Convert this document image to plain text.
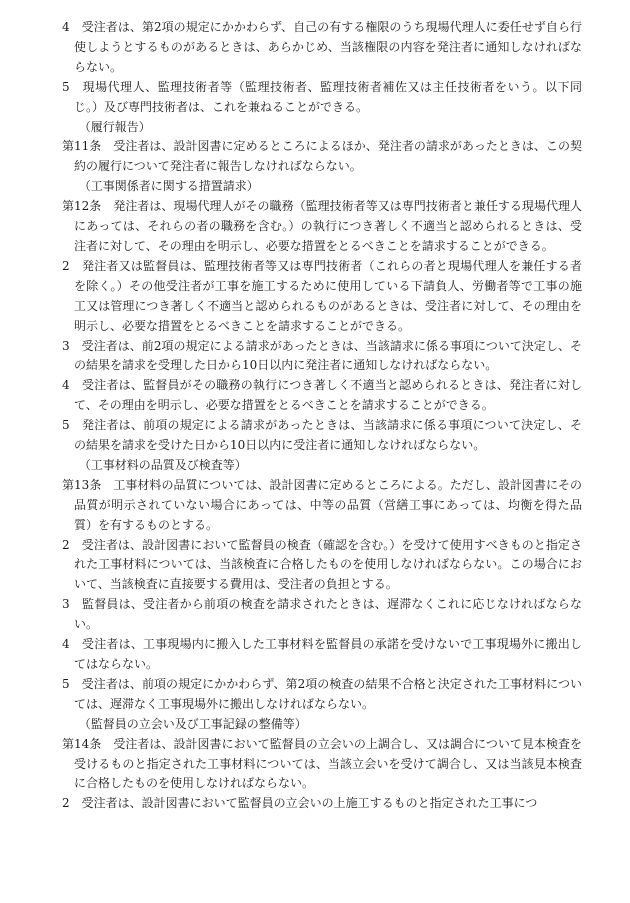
4　受注者は、第2項の規定にかかわらず、自己の有する権限のうち現場代理人に委任せず自ら行使しようとするものがあるときは、あらかじめ、当該権限の内容を発注者に通知しなければならない。

5　現場代理人、監理技術者等（監理技術者、監理技術者補佐又は主任技術者をいう。以下同じ。）及び専門技術者は、これを兼ねることができる。

（履行報告）

第11条　受注者は、設計図書に定めるところによるほか、発注者の請求があったときは、この契約の履行について発注者に報告しなければならない。

（工事関係者に関する措置請求）

第12条　発注者は、現場代理人がその職務（監理技術者等又は専門技術者と兼任する現場代理人にあっては、それらの者の職務を含む。）の執行につき著しく不適当と認められるときは、受注者に対して、その理由を明示し、必要な措置をとるべきことを請求することができる。

2　発注者又は監督員は、監理技術者等又は専門技術者（これらの者と現場代理人を兼任する者を除く。）その他受注者が工事を施工するために使用している下請負人、労働者等で工事の施工又は管理につき著しく不適当と認められるものがあるときは、受注者に対して、その理由を明示し、必要な措置をとるべきことを請求することができる。

3　受注者は、前2項の規定による請求があったときは、当該請求に係る事項について決定し、その結果を請求を受理した日から10日以内に発注者に通知しなければならない。

4　受注者は、監督員がその職務の執行につき著しく不適当と認められるときは、発注者に対して、その理由を明示し、必要な措置をとるべきことを請求することができる。

5　発注者は、前項の規定による請求があったときは、当該請求に係る事項について決定し、その結果を請求を受けた日から10日以内に受注者に通知しなければならない。

（工事材料の品質及び検査等）

第13条　工事材料の品質については、設計図書に定めるところによる。ただし、設計図書にその品質が明示されていない場合にあっては、中等の品質（営繕工事にあっては、均衡を得た品質）を有するものとする。

2　受注者は、設計図書において監督員の検査（確認を含む。）を受けて使用すべきものと指定された工事材料については、当該検査に合格したものを使用しなければならない。この場合において、当該検査に直接要する費用は、受注者の負担とする。

3　監督員は、受注者から前項の検査を請求されたときは、遅滞なくこれに応じなければならない。

4　受注者は、工事現場内に搬入した工事材料を監督員の承諾を受けないで工事現場外に搬出してはならない。

5　受注者は、前項の規定にかかわらず、第2項の検査の結果不合格と決定された工事材料については、遅滞なく工事現場外に搬出しなければならない。

（監督員の立会い及び工事記録の整備等）

第14条　受注者は、設計図書において監督員の立会いの上調合し、又は調合について見本検査を受けるものと指定された工事材料については、当該立会いを受けて調合し、又は当該見本検査に合格したものを使用しなければならない。

2　受注者は、設計図書において監督員の立会いの上施工するものと指定された工事につ
